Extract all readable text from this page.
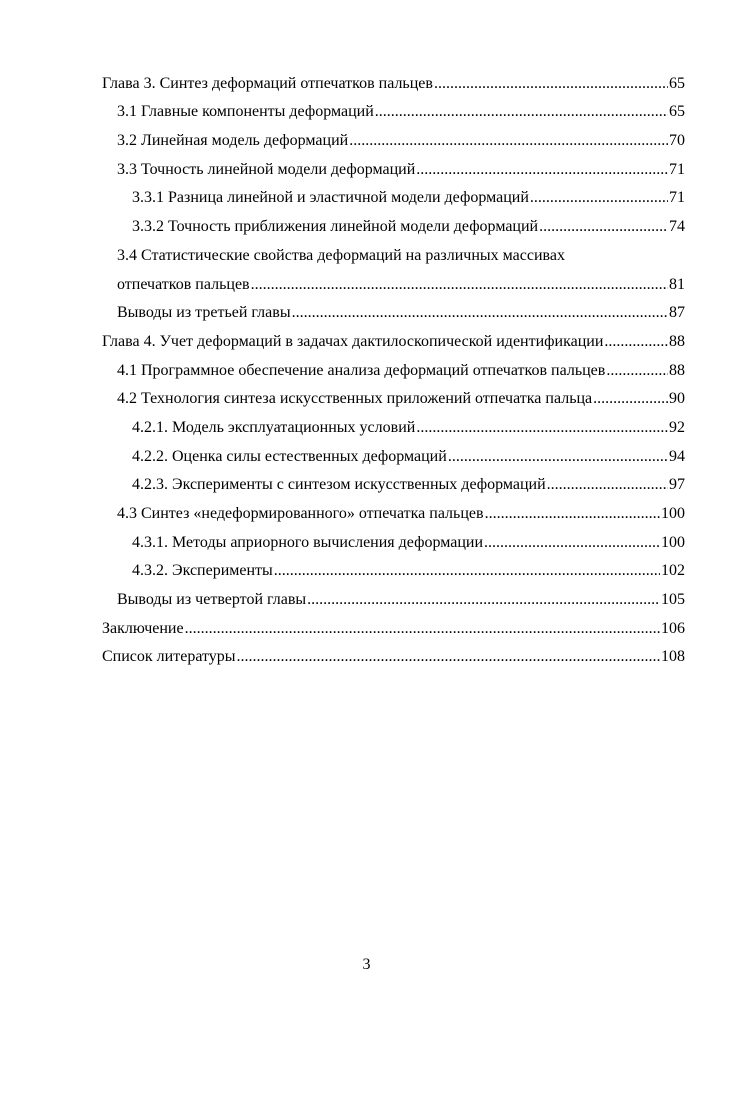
Глава 3. Синтез деформаций отпечатков пальцев .....	65
3.1 Главные компоненты деформаций .....	65
3.2 Линейная модель деформаций .....	70
3.3 Точность линейной модели деформаций .....	71
3.3.1 Разница линейной и эластичной модели деформаций .....	71
3.3.2 Точность приближения линейной модели деформаций .....	74
3.4 Статистические свойства деформаций на различных массивах
отпечатков пальцев .....	81
Выводы из третьей главы .....	87
Глава 4. Учет деформаций в задачах дактилоскопической идентификации .....	88
4.1 Программное обеспечение анализа деформаций отпечатков пальцев .....	88
4.2 Технология синтеза искусственных приложений отпечатка пальца .....	90
4.2.1. Модель эксплуатационных условий .....	92
4.2.2. Оценка силы естественных деформаций .....	94
4.2.3. Эксперименты с синтезом искусственных деформаций .....	97
4.3 Синтез «недеформированного» отпечатка пальцев .....	100
4.3.1. Методы априорного вычисления деформации .....	100
4.3.2. Эксперименты .....	102
Выводы из четвертой главы .....	105
Заключение .....	106
Список литературы .....	108
3
